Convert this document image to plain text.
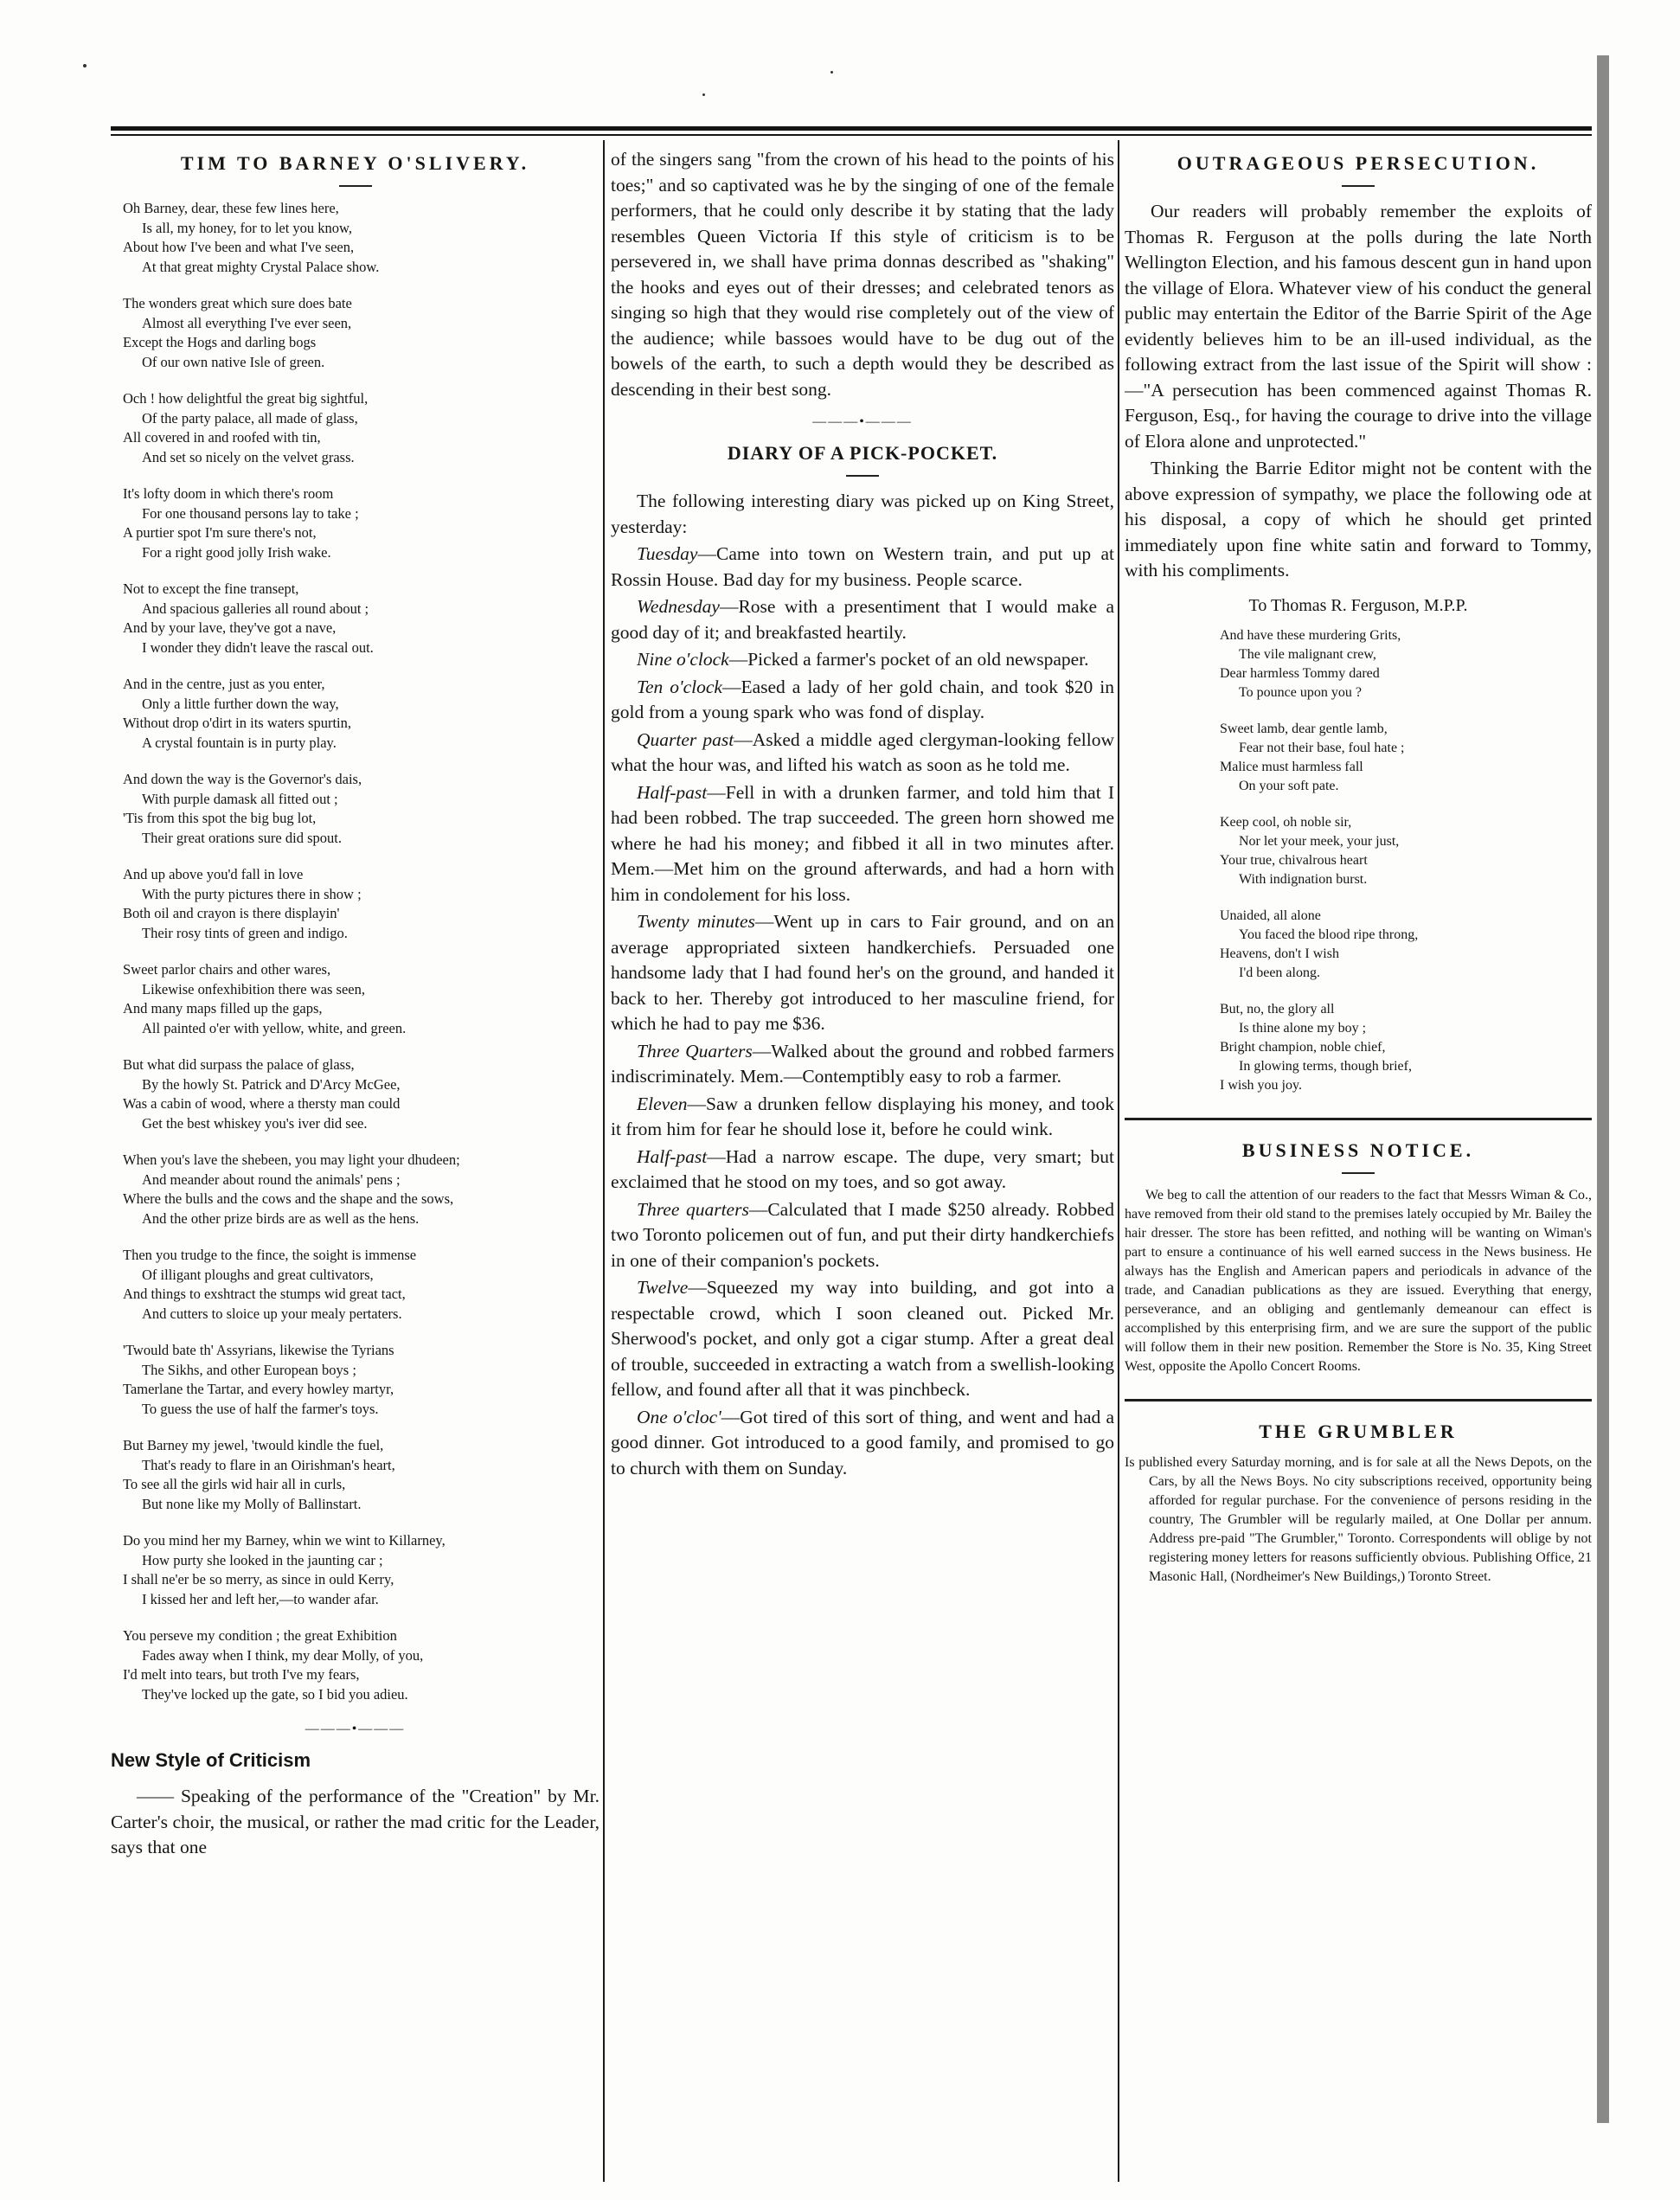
TIM TO BARNEY O'SLIVERY.
Oh Barney, dear, these few lines here,
Is all, my honey, for to let you know,
About how I've been and what I've seen,
At that great mighty Crystal Palace show.
The wonders great which sure does bate
Almost all everything I've ever seen,
Except the Hogs and darling bogs
Of our own native Isle of green.
Och ! how delightful the great big sightful,
Of the party palace, all made of glass,
All covered in and roofed with tin,
And set so nicely on the velvet grass.
It's lofty doom in which there's room
For one thousand persons lay to take ;
A purtier spot I'm sure there's not,
For a right good jolly Irish wake.
Not to except the fine transept,
And spacious galleries all round about ;
And by your lave, they've got a nave,
I wonder they didn't leave the rascal out.
And in the centre, just as you enter,
Only a little further down the way,
Without drop o'dirt in its waters spurtin,
A crystal fountain is in purty play.
And down the way is the Governor's dais,
With purple damask all fitted out ;
'Tis from this spot the big bug lot,
Their great orations sure did spout.
And up above you'd fall in love
With the purty pictures there in show ;
Both oil and crayon is there displayin'
Their rosy tints of green and indigo.
Sweet parlor chairs and other wares,
Likewise onfexhibition there was seen,
And many maps filled up the gaps,
All painted o'er with yellow, white, and green.
But what did surpass the palace of glass,
By the howly St. Patrick and D'Arcy McGee,
Was a cabin of wood, where a thersty man could
Get the best whiskey you's iver did see.
When you's lave the shebeen, you may light your dhudeen;
And meander about round the animals' pens ;
Where the bulls and the cows and the shape and the sows,
And the other prize birds are as well as the hens.
Then you trudge to the fince, the soight is immense
Of illigant ploughs and great cultivators,
And things to exshtract the stumps wid great tact,
And cutters to sloice up your mealy pertaters.
'Twould bate th' Assyrians, likewise the Tyrians
The Sikhs, and other European boys ;
Tamerlane the Tartar, and every howley martyr,
To guess the use of half the farmer's toys.
But Barney my jewel, 'twould kindle the fuel,
That's ready to flare in an Oirishman's heart,
To see all the girls wid hair all in curls,
But none like my Molly of Ballinstart.
Do you mind her my Barney, whin we wint to Killarney,
How purty she looked in the jaunting car ;
I shall ne'er be so merry, as since in ould Kerry,
I kissed her and left her,—to wander afar.
You perseve my condition ; the great Exhibition
Fades away when I think, my dear Molly, of you,
I'd melt into tears, but troth I've my fears,
They've locked up the gate, so I bid you adieu.
———•———
New Style of Criticism

—— Speaking of the performance of the "Creation" by Mr. Carter's choir, the musical, or rather the mad critic for the Leader, says that one

of the singers sang "from the crown of his head to the points of his toes;" and so captivated was he by the singing of one of the female performers, that he could only describe it by stating that the lady resembles Queen Victoria If this style of criticism is to be persevered in, we shall have prima donnas described as "shaking" the hooks and eyes out of their dresses; and celebrated tenors as singing so high that they would rise completely out of the view of the audience; while bassoes would have to be dug out of the bowels of the earth, to such a depth would they be described as descending in their best song.

———•———
DIARY OF A PICK-POCKET.

The following interesting diary was picked up on King Street, yesterday:

Tuesday—Came into town on Western train, and put up at Rossin House. Bad day for my business. People scarce.

Wednesday—Rose with a presentiment that I would make a good day of it; and breakfasted heartily.

Nine o'clock—Picked a farmer's pocket of an old newspaper.

Ten o'clock—Eased a lady of her gold chain, and took $20 in gold from a young spark who was fond of display.

Quarter past—Asked a middle aged clergyman-looking fellow what the hour was, and lifted his watch as soon as he told me.

Half-past—Fell in with a drunken farmer, and told him that I had been robbed. The trap succeeded. The green horn showed me where he had his money; and fibbed it all in two minutes after. Mem.—Met him on the ground afterwards, and had a horn with him in condolement for his loss.

Twenty minutes—Went up in cars to Fair ground, and on an average appropriated sixteen handkerchiefs. Persuaded one handsome lady that I had found her's on the ground, and handed it back to her. Thereby got introduced to her masculine friend, for which he had to pay me $36.

Three Quarters—Walked about the ground and robbed farmers indiscriminately. Mem.—Contemptibly easy to rob a farmer.

Eleven—Saw a drunken fellow displaying his money, and took it from him for fear he should lose it, before he could wink.

Half-past—Had a narrow escape. The dupe, very smart; but exclaimed that he stood on my toes, and so got away.

Three quarters—Calculated that I made $250 already. Robbed two Toronto policemen out of fun, and put their dirty handkerchiefs in one of their companion's pockets.

Twelve—Squeezed my way into building, and got into a respectable crowd, which I soon cleaned out. Picked Mr. Sherwood's pocket, and only got a cigar stump. After a great deal of trouble, succeeded in extracting a watch from a swellish-looking fellow, and found after all that it was pinchbeck.

One o'cloc'—Got tired of this sort of thing, and went and had a good dinner. Got introduced to a good family, and promised to go to church with them on Sunday.

OUTRAGEOUS PERSECUTION.

Our readers will probably remember the exploits of Thomas R. Ferguson at the polls during the late North Wellington Election, and his famous descent gun in hand upon the village of Elora. Whatever view of his conduct the general public may entertain the Editor of the Barrie Spirit of the Age evidently believes him to be an ill-used individual, as the following extract from the last issue of the Spirit will show :—"A persecution has been commenced against Thomas R. Ferguson, Esq., for having the courage to drive into the village of Elora alone and unprotected."

Thinking the Barrie Editor might not be content with the above expression of sympathy, we place the following ode at his disposal, a copy of which he should get printed immediately upon fine white satin and forward to Tommy, with his compliments.

To Thomas R. Ferguson, M.P.P.
And have these murdering Grits,
The vile malignant crew,
Dear harmless Tommy dared
To pounce upon you ?
Sweet lamb, dear gentle lamb,
Fear not their base, foul hate ;
Malice must harmless fall
On your soft pate.
Keep cool, oh noble sir,
Nor let your meek, your just,
Your true, chivalrous heart
With indignation burst.
Unaided, all alone
You faced the blood ripe throng,
Heavens, don't I wish
I'd been along.
But, no, the glory all
Is thine alone my boy ;
Bright champion, noble chief,
In glowing terms, though brief,
I wish you joy.
BUSINESS NOTICE.

We beg to call the attention of our readers to the fact that Messrs Wiman & Co., have removed from their old stand to the premises lately occupied by Mr. Bailey the hair dresser. The store has been refitted, and nothing will be wanting on Wiman's part to ensure a continuance of his well earned success in the News business. He always has the English and American papers and periodicals in advance of the trade, and Canadian publications as they are issued. Everything that energy, perseverance, and an obliging and gentlemanly demeanour can effect is accomplished by this enterprising firm, and we are sure the support of the public will follow them in their new position. Remember the Store is No. 35, King Street West, opposite the Apollo Concert Rooms.

THE GRUMBLER

Is published every Saturday morning, and is for sale at all the News Depots, on the Cars, by all the News Boys. No city subscriptions received, opportunity being afforded for regular purchase. For the convenience of persons residing in the country, The Grumbler will be regularly mailed, at One Dollar per annum. Address pre-paid "The Grumbler," Toronto. Correspondents will oblige by not registering money letters for reasons sufficiently obvious. Publishing Office, 21 Masonic Hall, (Nordheimer's New Buildings,) Toronto Street.
